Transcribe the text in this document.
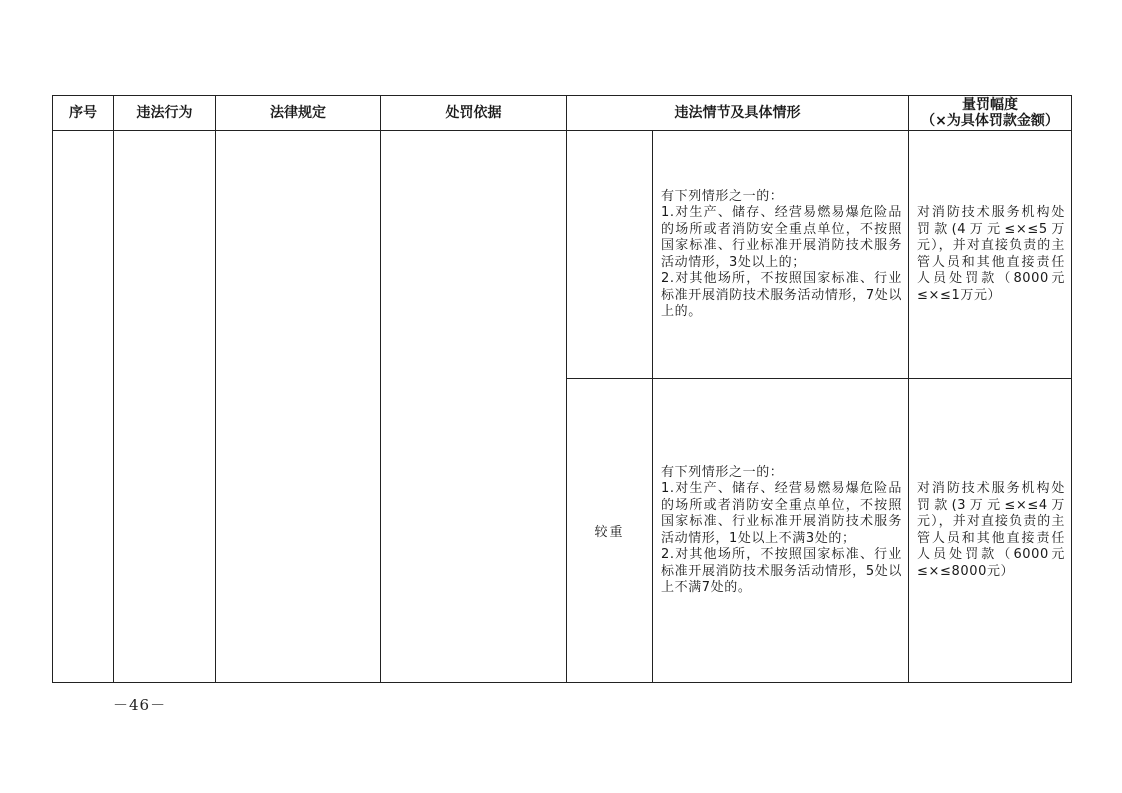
序号	违法行为	法律规定	处罚依据	违法情节及具体情形		量罚幅度
（×为具体罚款金额）

					有下列情形之一的：
1.对生产、储存、经营易燃易爆危险品的场所或者消防安全重点单位，不按照国家标准、行业标准开展消防技术服务活动情形，3处以上的；
2.对其他场所，不按照国家标准、行业标准开展消防技术服务活动情形，7处以上的。	对消防技术服务机构处罚款(4万元≤×≤5万元），并对直接负责的主管人员和其他直接责任人员处罚款（8000元≤×≤1万元）

				较重	有下列情形之一的：
1.对生产、储存、经营易燃易爆危险品的场所或者消防安全重点单位，不按照国家标准、行业标准开展消防技术服务活动情形，1处以上不满3处的；
2.对其他场所，不按照国家标准、行业标准开展消防技术服务活动情形，5处以上不满7处的。	对消防技术服务机构处罚款(3万元≤×≤4万元），并对直接负责的主管人员和其他直接责任人员处罚款（6000元≤×≤8000元）
－46－
